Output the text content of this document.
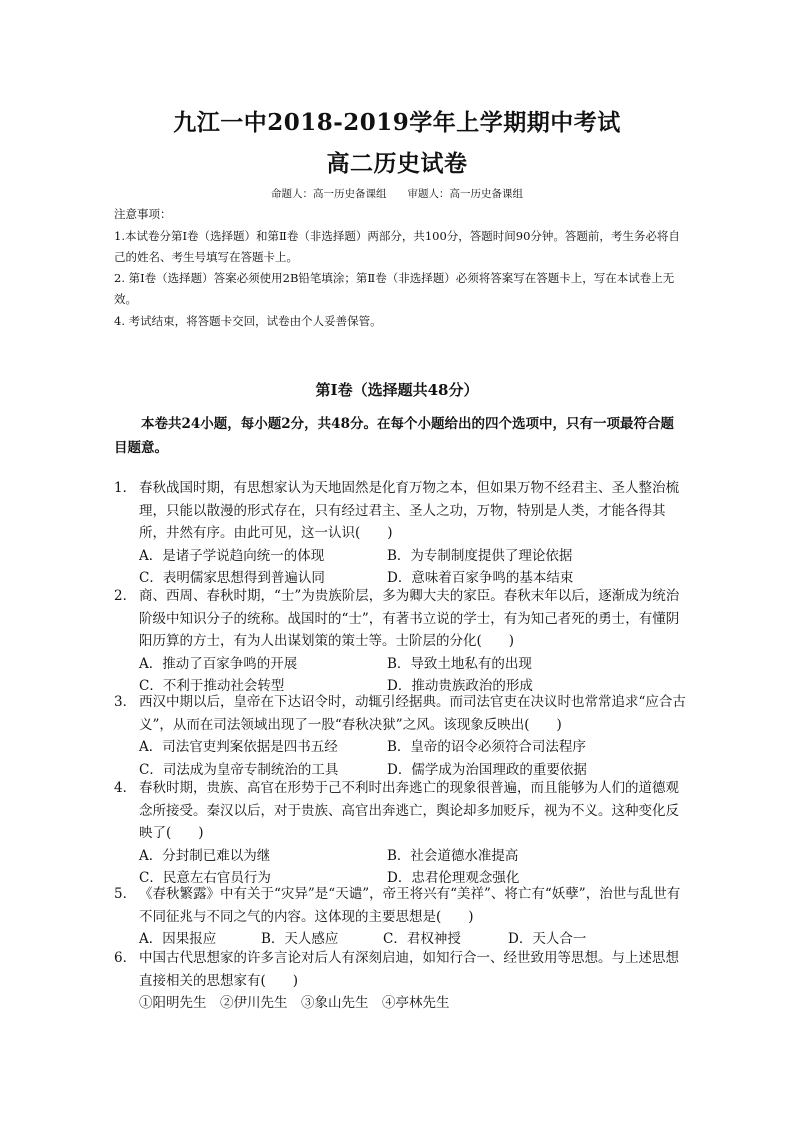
九江一中2018-2019学年上学期期中考试
高二历史试卷
命题人：高一历史备课组　　审题人：高一历史备课组
注意事项：
1.本试卷分第Ⅰ卷（选择题）和第Ⅱ卷（非选择题）两部分，共100分，答题时间90分钟。答题前，考生务必将自己的姓名、考生号填写在答题卡上。
2. 第Ⅰ卷（选择题）答案必须使用2B铅笔填涂；第Ⅱ卷（非选择题）必须将答案写在答题卡上，写在本试卷上无效。
4. 考试结束，将答题卡交回，试卷由个人妥善保管。
第Ⅰ卷（选择题共48分）
本卷共24小题，每小题2分，共48分。在每个小题给出的四个选项中，只有一项最符合题目题意。
1． 春秋战国时期，有思想家认为天地固然是化育万物之本，但如果万物不经君主、圣人整治梳理，只能以散漫的形式存在，只有经过君主、圣人之功，万物，特别是人类，才能各得其所，井然有序。由此可见，这一认识(　　)
A．是诸子学说趋向统一的体现	B．为专制制度提供了理论依据
C．表明儒家思想得到普遍认同	D．意味着百家争鸣的基本结束
2． 商、西周、春秋时期，“士”为贵族阶层，多为卿大夫的家臣。春秋末年以后，逐渐成为统治阶级中知识分子的统称。战国时的“士”，有著书立说的学士，有为知己者死的勇士，有懂阴阳历算的方士，有为人出谋划策的策士等。士阶层的分化(　　)
A．推动了百家争鸣的开展	B．导致土地私有的出现
C．不利于推动社会转型	D．推动贵族政治的形成
3． 西汉中期以后，皇帝在下达诏令时，动辄引经据典。而司法官吏在决议时也常常追求“应合古义”，从而在司法领域出现了一股“春秋决狱”之风。该现象反映出(　　)
A．司法官吏判案依据是四书五经	B．皇帝的诏令必须符合司法程序
C．司法成为皇帝专制统治的工具	D．儒学成为治国理政的重要依据
4． 春秋时期，贵族、高官在形势于己不利时出奔逃亡的现象很普遍，而且能够为人们的道德观念所接受。秦汉以后，对于贵族、高官出奔逃亡，舆论却多加贬斥，视为不义。这种变化反映了(　　)
A．分封制已难以为继	B．社会道德水准提高
C．民意左右官员行为	D．忠君伦理观念强化
5． 《春秋繁露》中有关于“灾异”是“天谴”，帝王将兴有“美祥”、将亡有“妖孽”，治世与乱世有不同征兆与不同之气的内容。这体现的主要思想是(　　)
A．因果报应	B．天人感应	C．君权神授	D．天人合一
6． 中国古代思想家的许多言论对后人有深刻启迪，如知行合一、经世致用等思想。与上述思想直接相关的思想家有(　　)
①阳明先生　②伊川先生　③象山先生　④亭林先生
